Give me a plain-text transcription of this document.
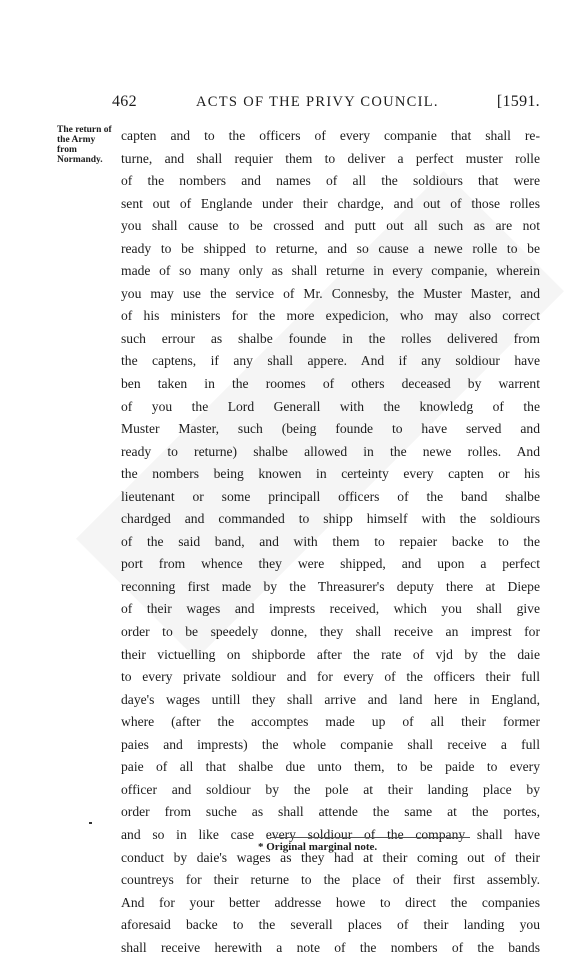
462	ACTS OF THE PRIVY COUNCIL.	[1591.
The return of
the Army
from
Normandy.
capten and to the officers of every companie that shall re-
turne, and shall requier them to deliver a perfect muster rolle
of the nombers and names of all the soldiours that were
sent out of Englande under their chardge, and out of those rolles
you shall cause to be crossed and putt out all such as are not
ready to be shipped to returne, and so cause a newe rolle to be
made of so many only as shall returne in every companie, wherein
you may use the service of Mr. Connesby, the Muster Master, and
of his ministers for the more expedicion, who may also correct
such errour as shalbe founde in the rolles delivered from
the captens, if any shall appere. And if any soldiour have
ben taken in the roomes of others deceased by warrent
of you the Lord Generall with the knowledg of the
Muster Master, such (being founde to have served and
ready to returne) shalbe allowed in the newe rolles. And
the nombers being knowen in certeinty every capten or his
lieutenant or some principall officers of the band shalbe
chardged and commanded to shipp himself with the soldiours
of the said band, and with them to repaier backe to the
port from whence they were shipped, and upon a perfect
reconning first made by the Threasurer's deputy there at Diepe
of their wages and imprests received, which you shall give
order to be speedely donne, they shall receive an imprest for
their victuelling on shipborde after the rate of vjd by the daie
to every private soldiour and for every of the officers their full
daye's wages untill they shall arrive and land here in England,
where (after the accomptes made up of all their former
paies and imprests) the whole companie shall receive a full
paie of all that shalbe due unto them, to be paide to every
officer and soldiour by the pole at their landing place by
order from suche as shall attende the same at the portes,
and so in like case every soldiour of the company shall have
conduct by daie's wages as they had at their coming out of their
countreys for their returne to the place of their first assembly.
And for your better addresse howe to direct the companies
aforesaid backe to the severall places of their landing you
shall receive herewith a note of the nombers of the bands
* Original marginal note.
